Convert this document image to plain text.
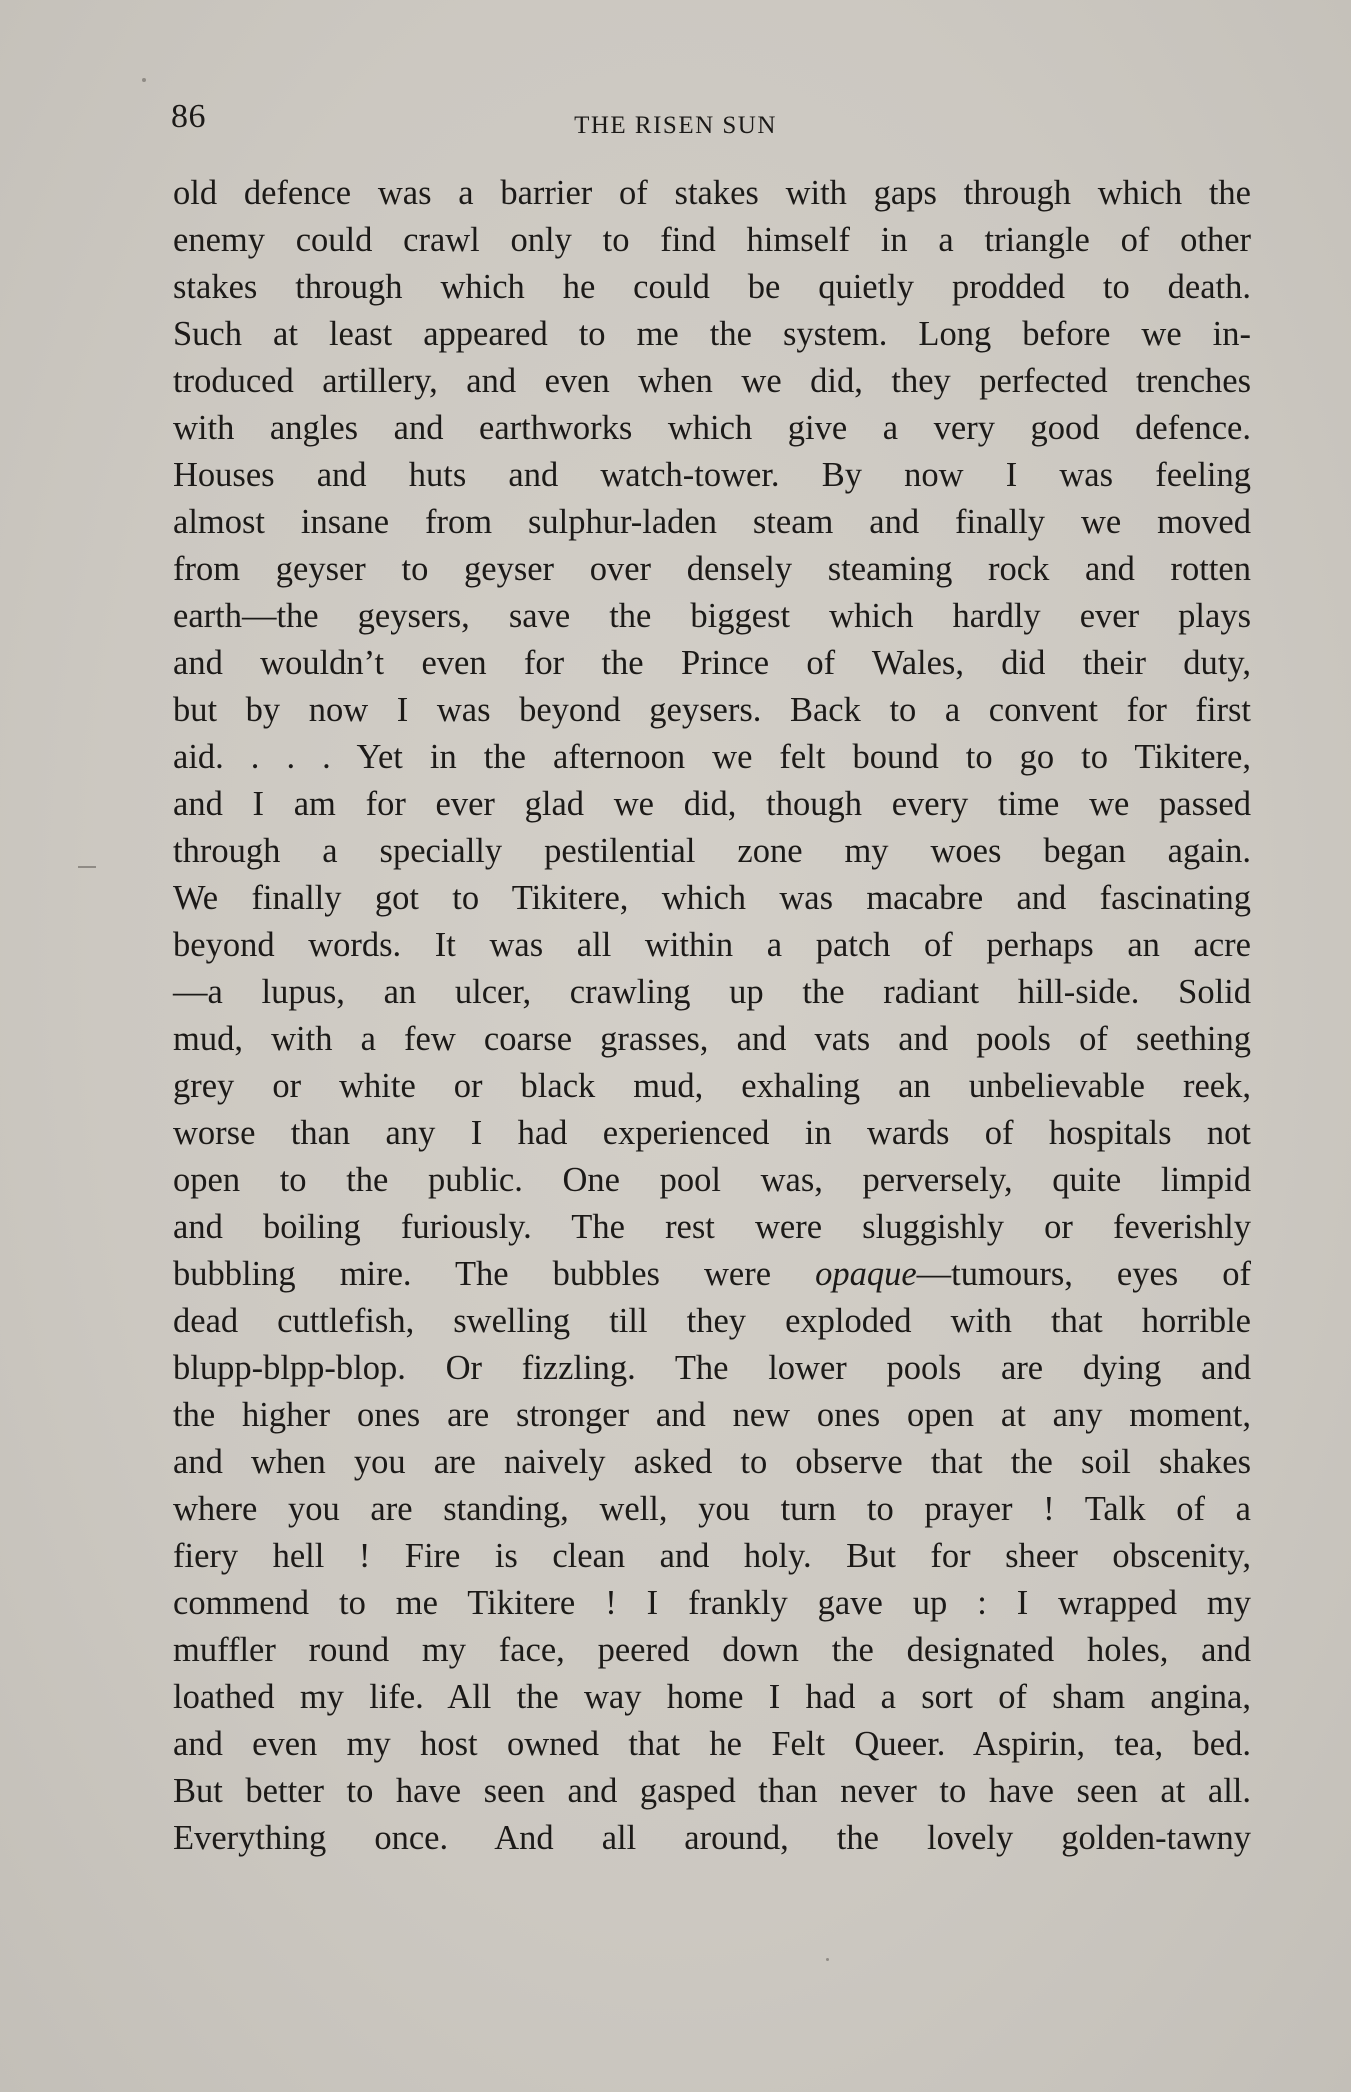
86	THE RISEN SUN
old defence was a barrier of stakes with gaps through which the
enemy could crawl only to find himself in a triangle of other
stakes through which he could be quietly prodded to death.
Such at least appeared to me the system. Long before we in-
troduced artillery, and even when we did, they perfected trenches
with angles and earthworks which give a very good defence.
Houses and huts and watch-tower. By now I was feeling
almost insane from sulphur-laden steam and finally we moved
from geyser to geyser over densely steaming rock and rotten
earth—the geysers, save the biggest which hardly ever plays
and wouldn’t even for the Prince of Wales, did their duty,
but by now I was beyond geysers. Back to a convent for first
aid. . . . Yet in the afternoon we felt bound to go to Tikitere,
and I am for ever glad we did, though every time we passed
through a specially pestilential zone my woes began again.
We finally got to Tikitere, which was macabre and fascinating
beyond words. It was all within a patch of perhaps an acre
—a lupus, an ulcer, crawling up the radiant hill-side. Solid
mud, with a few coarse grasses, and vats and pools of seething
grey or white or black mud, exhaling an unbelievable reek,
worse than any I had experienced in wards of hospitals not
open to the public. One pool was, perversely, quite limpid
and boiling furiously. The rest were sluggishly or feverishly
bubbling mire. The bubbles were opaque—tumours, eyes of
dead cuttlefish, swelling till they exploded with that horrible
blupp-blpp-blop. Or fizzling. The lower pools are dying and
the higher ones are stronger and new ones open at any moment,
and when you are naively asked to observe that the soil shakes
where you are standing, well, you turn to prayer ! Talk of a
fiery hell ! Fire is clean and holy. But for sheer obscenity,
commend to me Tikitere ! I frankly gave up : I wrapped my
muffler round my face, peered down the designated holes, and
loathed my life. All the way home I had a sort of sham angina,
and even my host owned that he Felt Queer. Aspirin, tea, bed.
But better to have seen and gasped than never to have seen at all.
Everything once. And all around, the lovely golden-tawny
